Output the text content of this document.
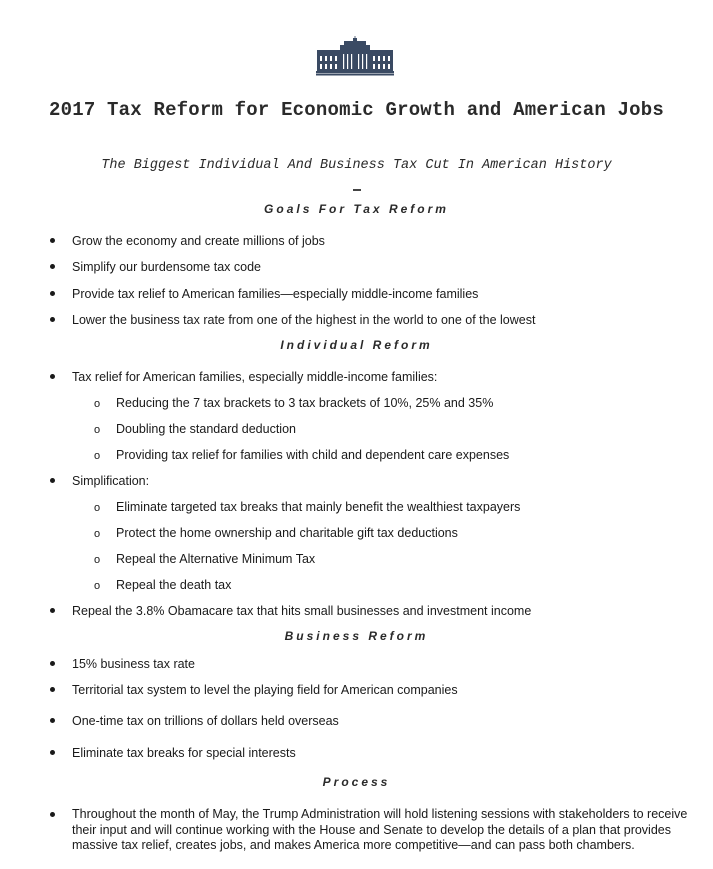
2017 Tax Reform for Economic Growth and American Jobs

The Biggest Individual And Business Tax Cut In American History

Goals For Tax Reform
Grow the economy and create millions of jobs
Simplify our burdensome tax code
Provide tax relief to American families—especially middle-income families
Lower the business tax rate from one of the highest in the world to one of the lowest
Individual Reform
Tax relief for American families, especially middle-income families:
o Reducing the 7 tax brackets to 3 tax brackets of 10%, 25% and 35%
o Doubling the standard deduction
o Providing tax relief for families with child and dependent care expenses
Simplification:
o Eliminate targeted tax breaks that mainly benefit the wealthiest taxpayers
o Protect the home ownership and charitable gift tax deductions
o Repeal the Alternative Minimum Tax
o Repeal the death tax
Repeal the 3.8% Obamacare tax that hits small businesses and investment income
Business Reform
15% business tax rate
Territorial tax system to level the playing field for American companies
One-time tax on trillions of dollars held overseas
Eliminate tax breaks for special interests
Process
Throughout the month of May, the Trump Administration will hold listening sessions with stakeholders to receive their input and will continue working with the House and Senate to develop the details of a plan that provides massive tax relief, creates jobs, and makes America more competitive—and can pass both chambers.
